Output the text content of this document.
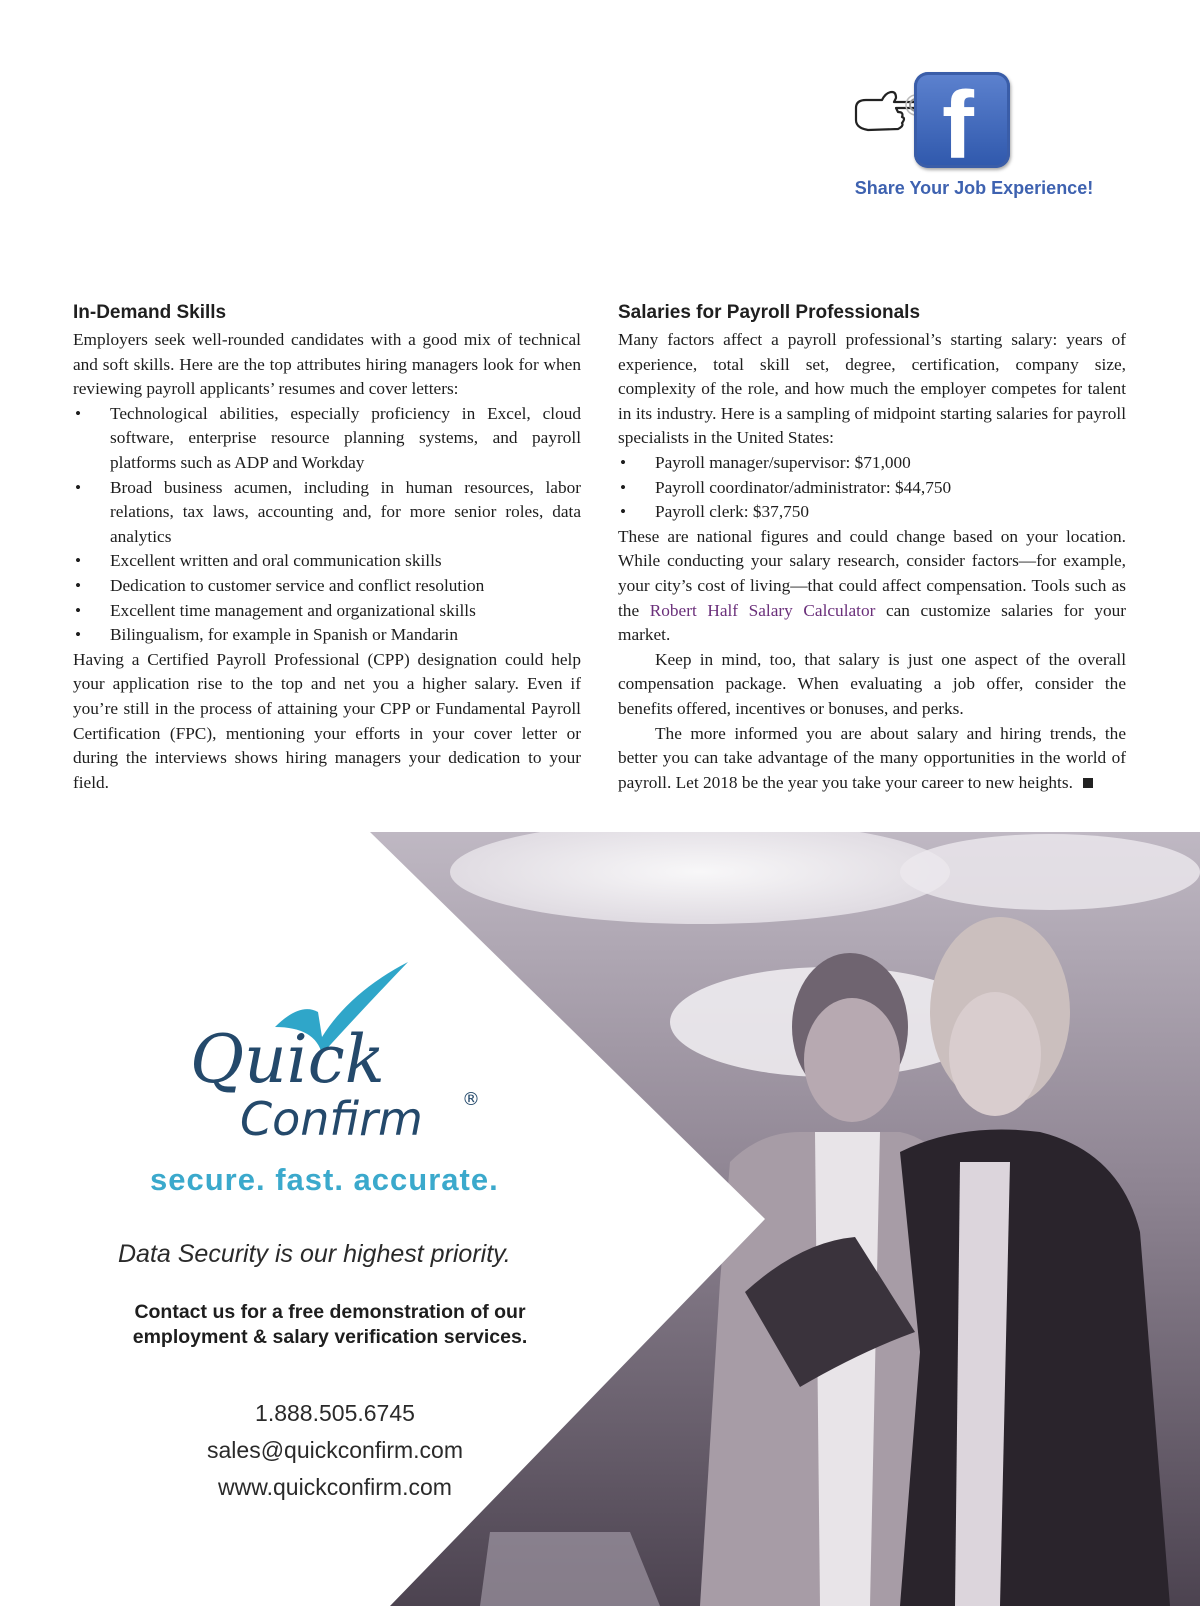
f
Share Your Job Experience!
In-Demand Skills

Employers seek well-rounded candidates with a good mix of technical and soft skills. Here are the top attributes hiring managers look for when reviewing payroll applicants’ resumes and cover letters:

• Technological abilities, especially proficiency in Excel, cloud software, enterprise resource planning systems, and payroll platforms such as ADP and Workday
• Broad business acumen, including in human resources, labor relations, tax laws, accounting and, for more senior roles, data analytics
• Excellent written and oral communication skills
• Dedication to customer service and conflict resolution
• Excellent time management and organizational skills
• Bilingualism, for example in Spanish or Mandarin

Having a Certified Payroll Professional (CPP) designation could help your application rise to the top and net you a higher salary. Even if you’re still in the process of attaining your CPP or Fundamental Payroll Certification (FPC), mentioning your efforts in your cover letter or during the interviews shows hiring managers your dedication to your field.

Salaries for Payroll Professionals

Many factors affect a payroll professional’s starting salary: years of experience, total skill set, degree, certification, company size, complexity of the role, and how much the employer competes for talent in its industry. Here is a sampling of midpoint starting salaries for payroll specialists in the United States:

• Payroll manager/supervisor: $71,000
• Payroll coordinator/administrator: $44,750
• Payroll clerk: $37,750

These are national figures and could change based on your location. While conducting your salary research, consider factors—for example, your city’s cost of living—that could affect compensation. Tools such as the Robert Half Salary Calculator can customize salaries for your market.

Keep in mind, too, that salary is just one aspect of the overall compensation package. When evaluating a job offer, consider the benefits offered, incentives or bonuses, and perks.

The more informed you are about salary and hiring trends, the better you can take advantage of the many opportunities in the world of payroll. Let 2018 be the year you take your career to new heights.

Quick
Confirm ®
secure. fast. accurate.
Data Security is our highest priority.
Contact us for a free demonstration of our employment & salary verification services.
1.888.505.6745
sales@quickconfirm.com
www.quickconfirm.com
